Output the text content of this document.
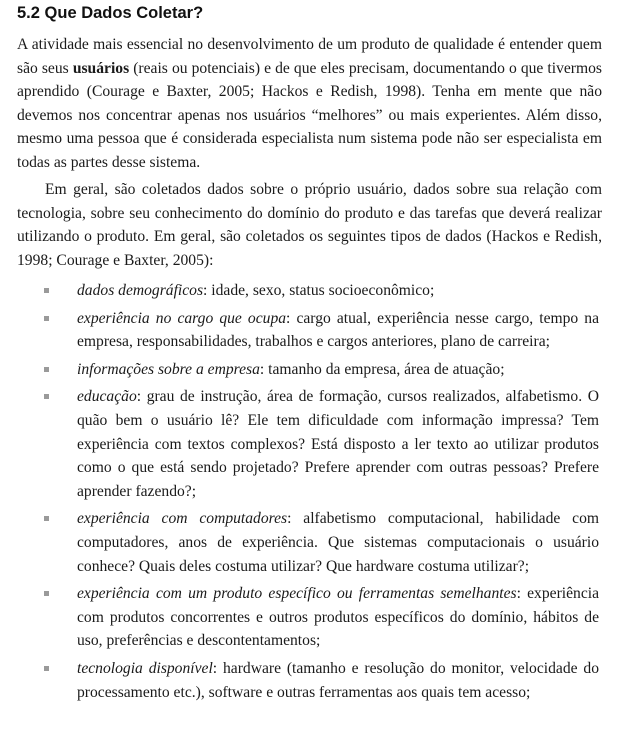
5.2 Que Dados Coletar?

A atividade mais essencial no desenvolvimento de um produto de qualidade é entender quem são seus usuários (reais ou potenciais) e de que eles precisam, documentando o que tivermos aprendido (Courage e Baxter, 2005; Hackos e Redish, 1998). Tenha em mente que não devemos nos concentrar apenas nos usuários “melhores” ou mais experientes. Além disso, mesmo uma pessoa que é considerada especialista num sistema pode não ser especialista em todas as partes desse sistema.

Em geral, são coletados dados sobre o próprio usuário, dados sobre sua relação com tecnologia, sobre seu conhecimento do domínio do produto e das tarefas que deverá realizar utilizando o produto. Em geral, são coletados os seguintes tipos de dados (Hackos e Redish, 1998; Courage e Baxter, 2005):

dados demográficos: idade, sexo, status socioeconômico;
experiência no cargo que ocupa: cargo atual, experiência nesse cargo, tempo na empresa, responsabilidades, trabalhos e cargos anteriores, plano de carreira;
informações sobre a empresa: tamanho da empresa, área de atuação;
educação: grau de instrução, área de formação, cursos realizados, alfabetismo. O quão bem o usuário lê? Ele tem dificuldade com informação impressa? Tem experiência com textos complexos? Está disposto a ler texto ao utilizar produtos como o que está sendo projetado? Prefere aprender com outras pessoas? Prefere aprender fazendo?;
experiência com computadores: alfabetismo computacional, habilidade com computadores, anos de experiência. Que sistemas computacionais o usuário conhece? Quais deles costuma utilizar? Que hardware costuma utilizar?;
experiência com um produto específico ou ferramentas semelhantes: experiência com produtos concorrentes e outros produtos específicos do domínio, hábitos de uso, preferências e descontentamentos;
tecnologia disponível: hardware (tamanho e resolução do monitor, velocidade do processamento etc.), software e outras ferramentas aos quais tem acesso;
